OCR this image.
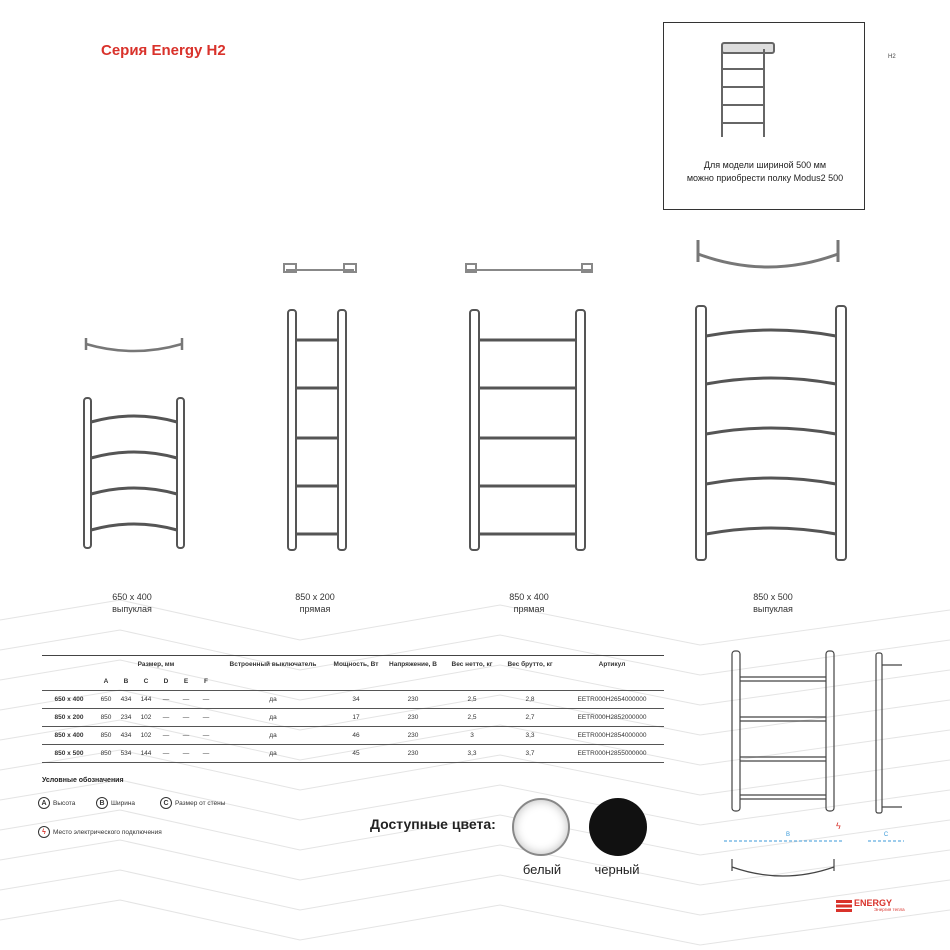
Серия Energy H2	H2
Для модели шириной 500 мм
можно приобрести полку Modus2 500
650 x 400
выпуклая
850 x 200
прямая
850 x 400
прямая
850 x 500
выпуклая
	Размер, мм						Встроенный выключатель	Мощность, Вт	Напряжение, В	Вес нетто, кг	Вес брутто, кг	Артикул
	A	B	C	D	E	F						
650 x 400	650	434	144	—	—	—	да	34	230	2,5	2,8	EETR000H2654000000
850 x 200	850	234	102	—	—	—	да	17	230	2,5	2,7	EETR000H2852000000
850 x 400	850	434	102	—	—	—	да	46	230	3	3,3	EETR000H2854000000
850 x 500	850	534	144	—	—	—	да	45	230	3,3	3,7	EETR000H2855000000
Условные обозначения
A Высота	B Ширина	C Размер от стены
ϟ	Место электрического подключения	Доступные цвета:
белый	черный
B	C
ϟ
ENERGY
Энергия тепла
